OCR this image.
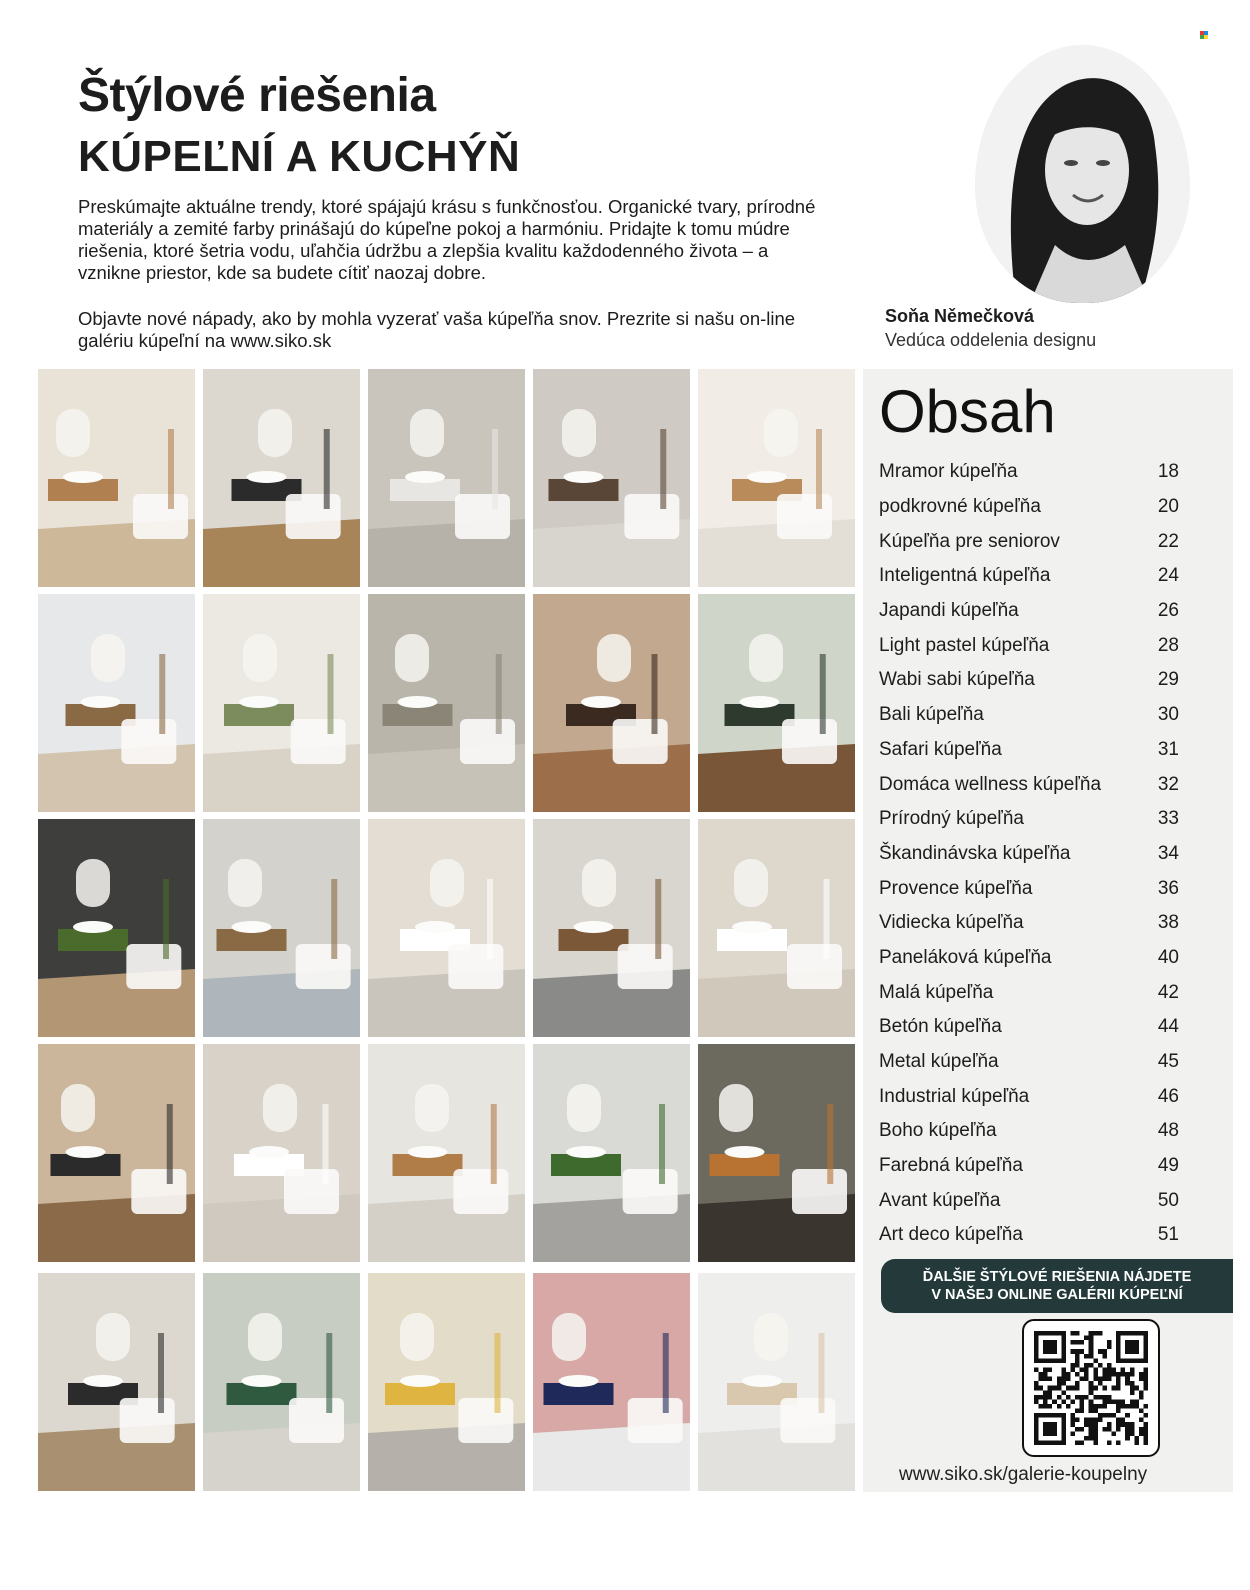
Štýlové riešenia
KÚPEĽNÍ A KUCHÝŇ

Preskúmajte aktuálne trendy, ktoré spájajú krásu s funkčnosťou. Organické tvary, prírodné materiály a zemité farby prinášajú do kúpeľne pokoj a harmóniu. Pridajte k tomu múdre riešenia, ktoré šetria vodu, uľahčia údržbu a zlepšia kvalitu každodenného života – a vznikne priestor, kde sa budete cítiť naozaj dobre.

Objavte nové nápady, ako by mohla vyzerať vaša kúpeľňa snov. Prezrite si našu on-line galériu kúpeľní na www.siko.sk

Soňa Němečková
Vedúca oddelenia designu
Obsah
Mramor kúpeľňa	18
podkrovné kúpeľňa	20
Kúpeľňa pre seniorov	22
Inteligentná kúpeľňa	24
Japandi kúpeľňa	26
Light pastel kúpeľňa	28
Wabi sabi kúpeľňa	29
Bali kúpeľňa	30
Safari kúpeľňa	31
Domáca wellness kúpeľňa	32
Prírodný kúpeľňa	33
Škandinávska kúpeľňa	34
Provence kúpeľňa	36
Vidiecka kúpeľňa	38
Paneláková kúpeľňa	40
Malá kúpeľňa	42
Betón kúpeľňa	44
Metal kúpeľňa	45
Industrial kúpeľňa	46
Boho kúpeľňa	48
Farebná kúpeľňa	49
Avant kúpeľňa	50
Art deco kúpeľňa	51
ĎALŠIE ŠTÝLOVÉ RIEŠENIA NÁJDETE
V NAŠEJ ONLINE GALÉRII KÚPEĽNÍ
www.siko.sk/galerie-koupelny
